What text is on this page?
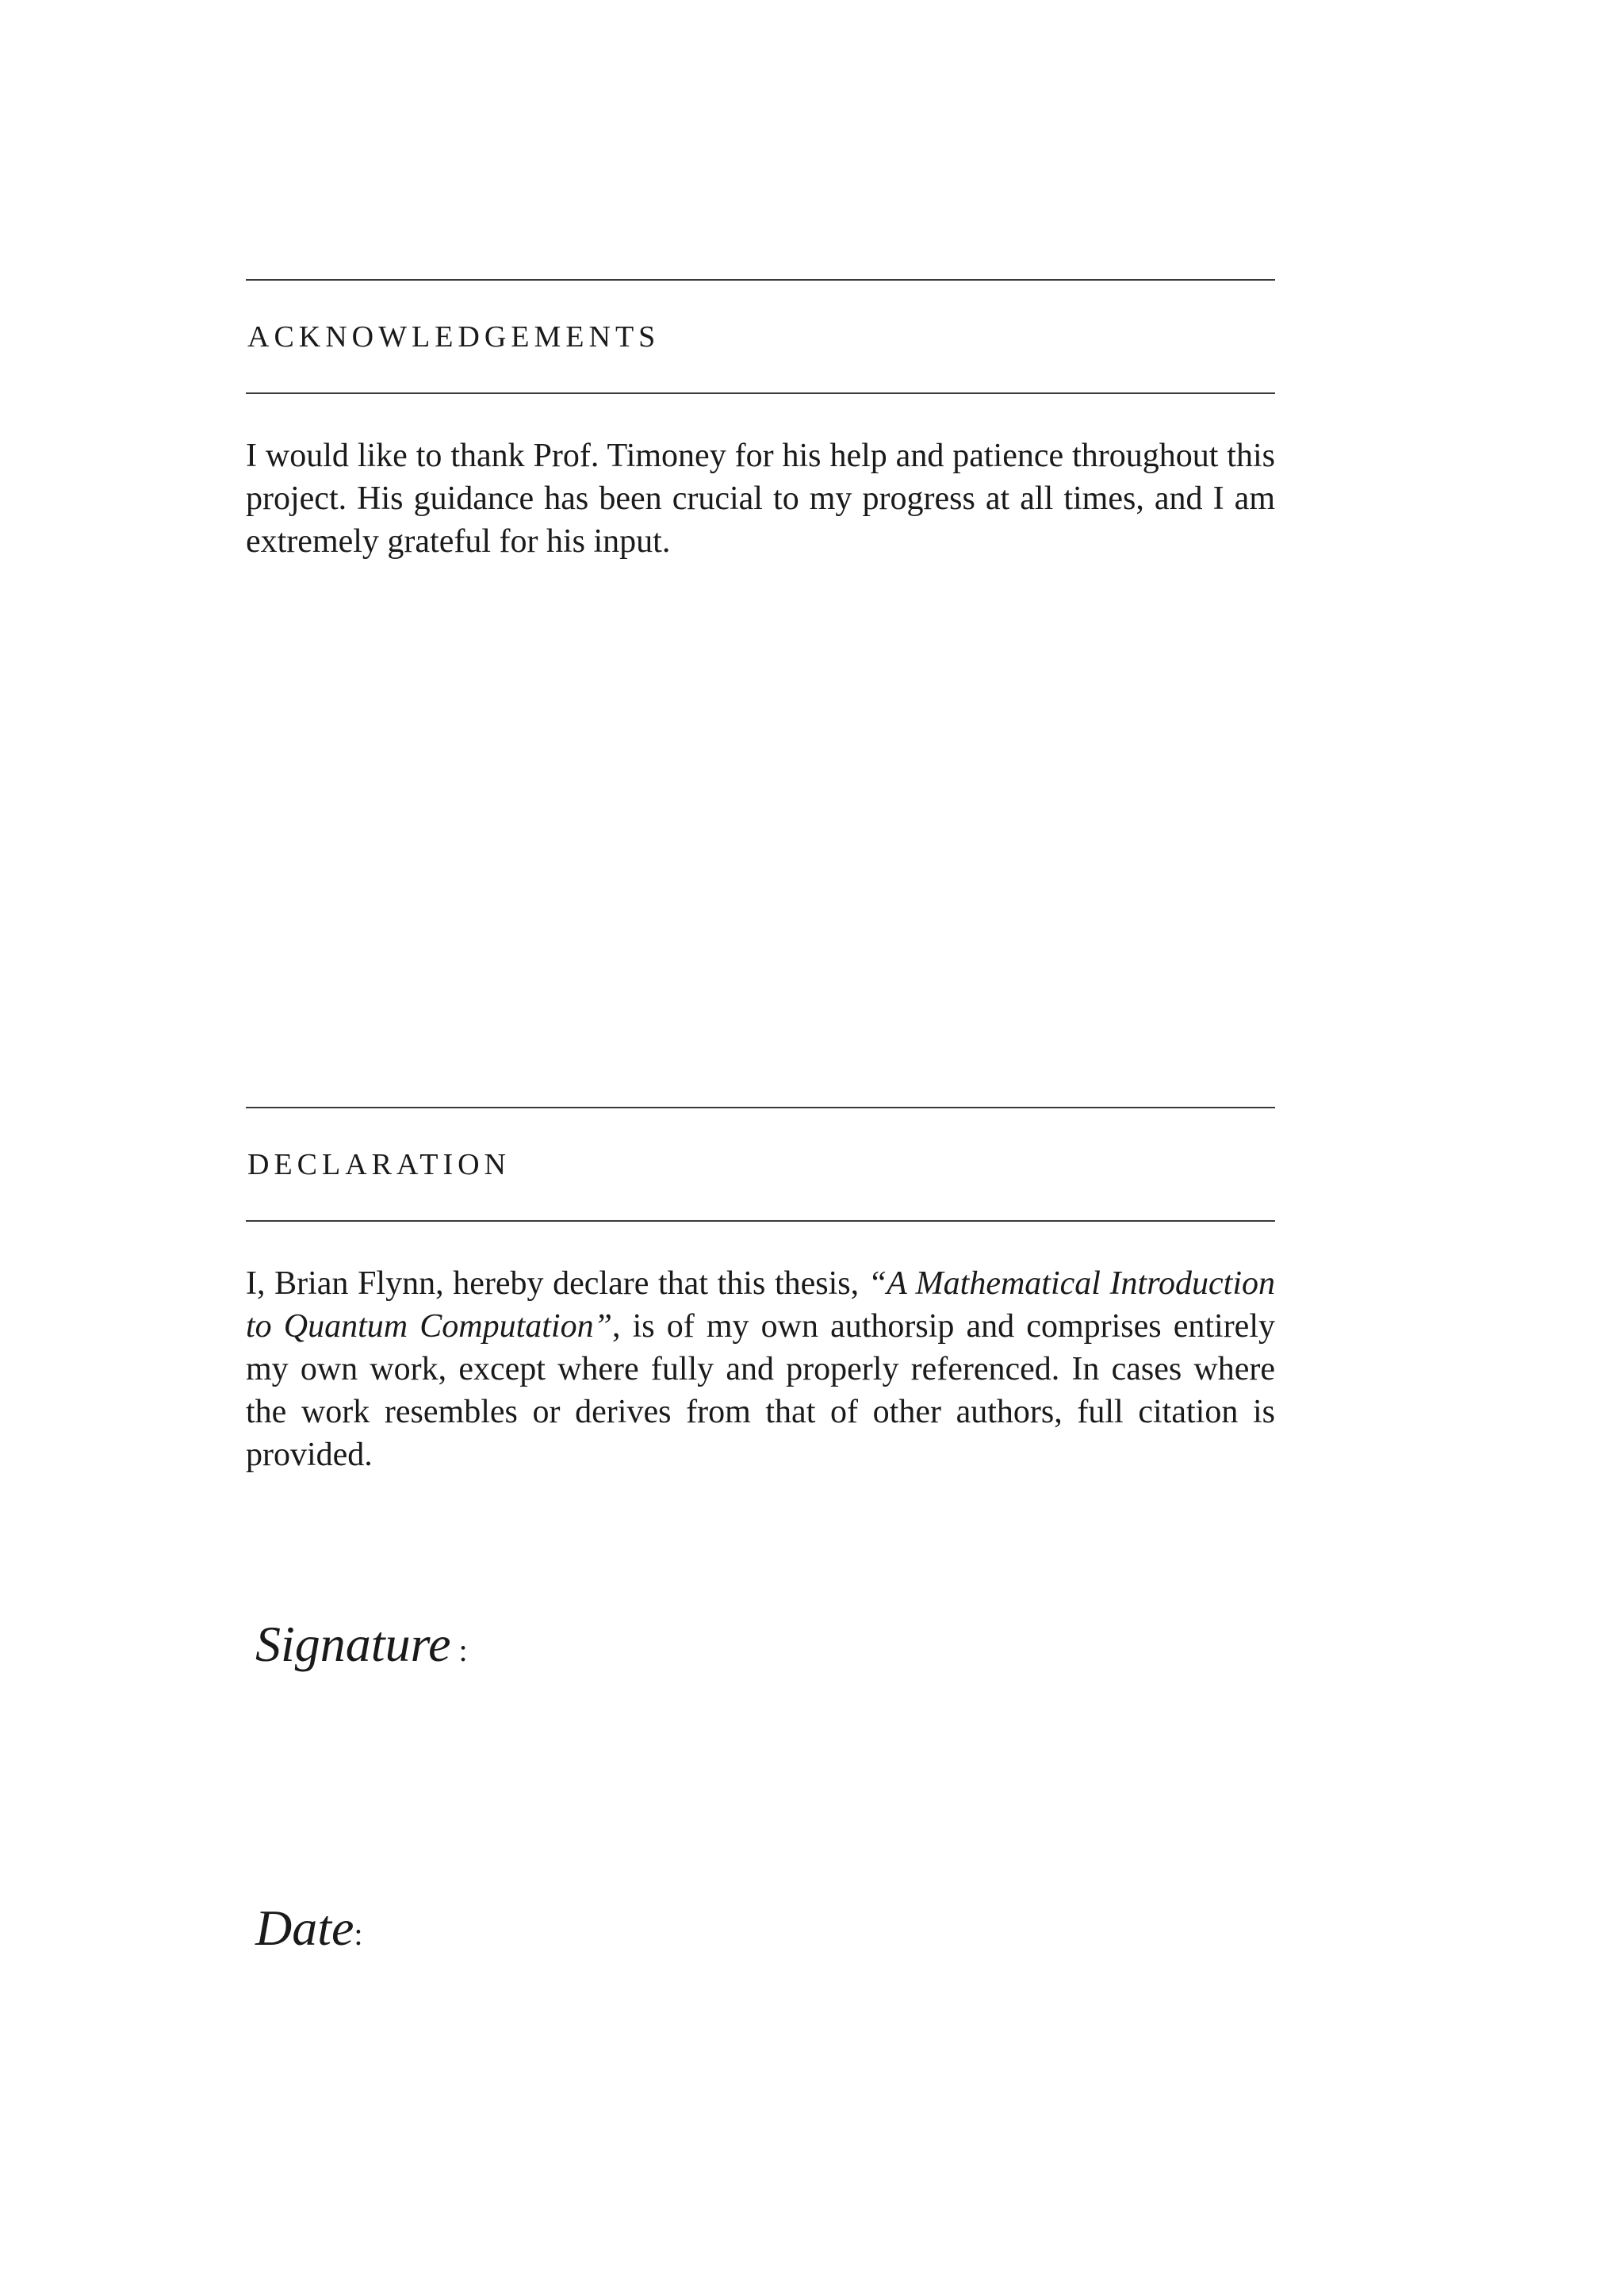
ACKNOWLEDGEMENTS

I would like to thank Prof. Timoney for his help and patience throughout this project. His guidance has been crucial to my progress at all times, and I am extremely grateful for his input.

DECLARATION

I, Brian Flynn, hereby declare that this thesis, “A Mathematical Introduction to Quantum Computation”, is of my own authorsip and comprises entirely my own work, except where fully and properly referenced. In cases where the work resembles or derives from that of other authors, full citation is provided.

Signature :
Date:
